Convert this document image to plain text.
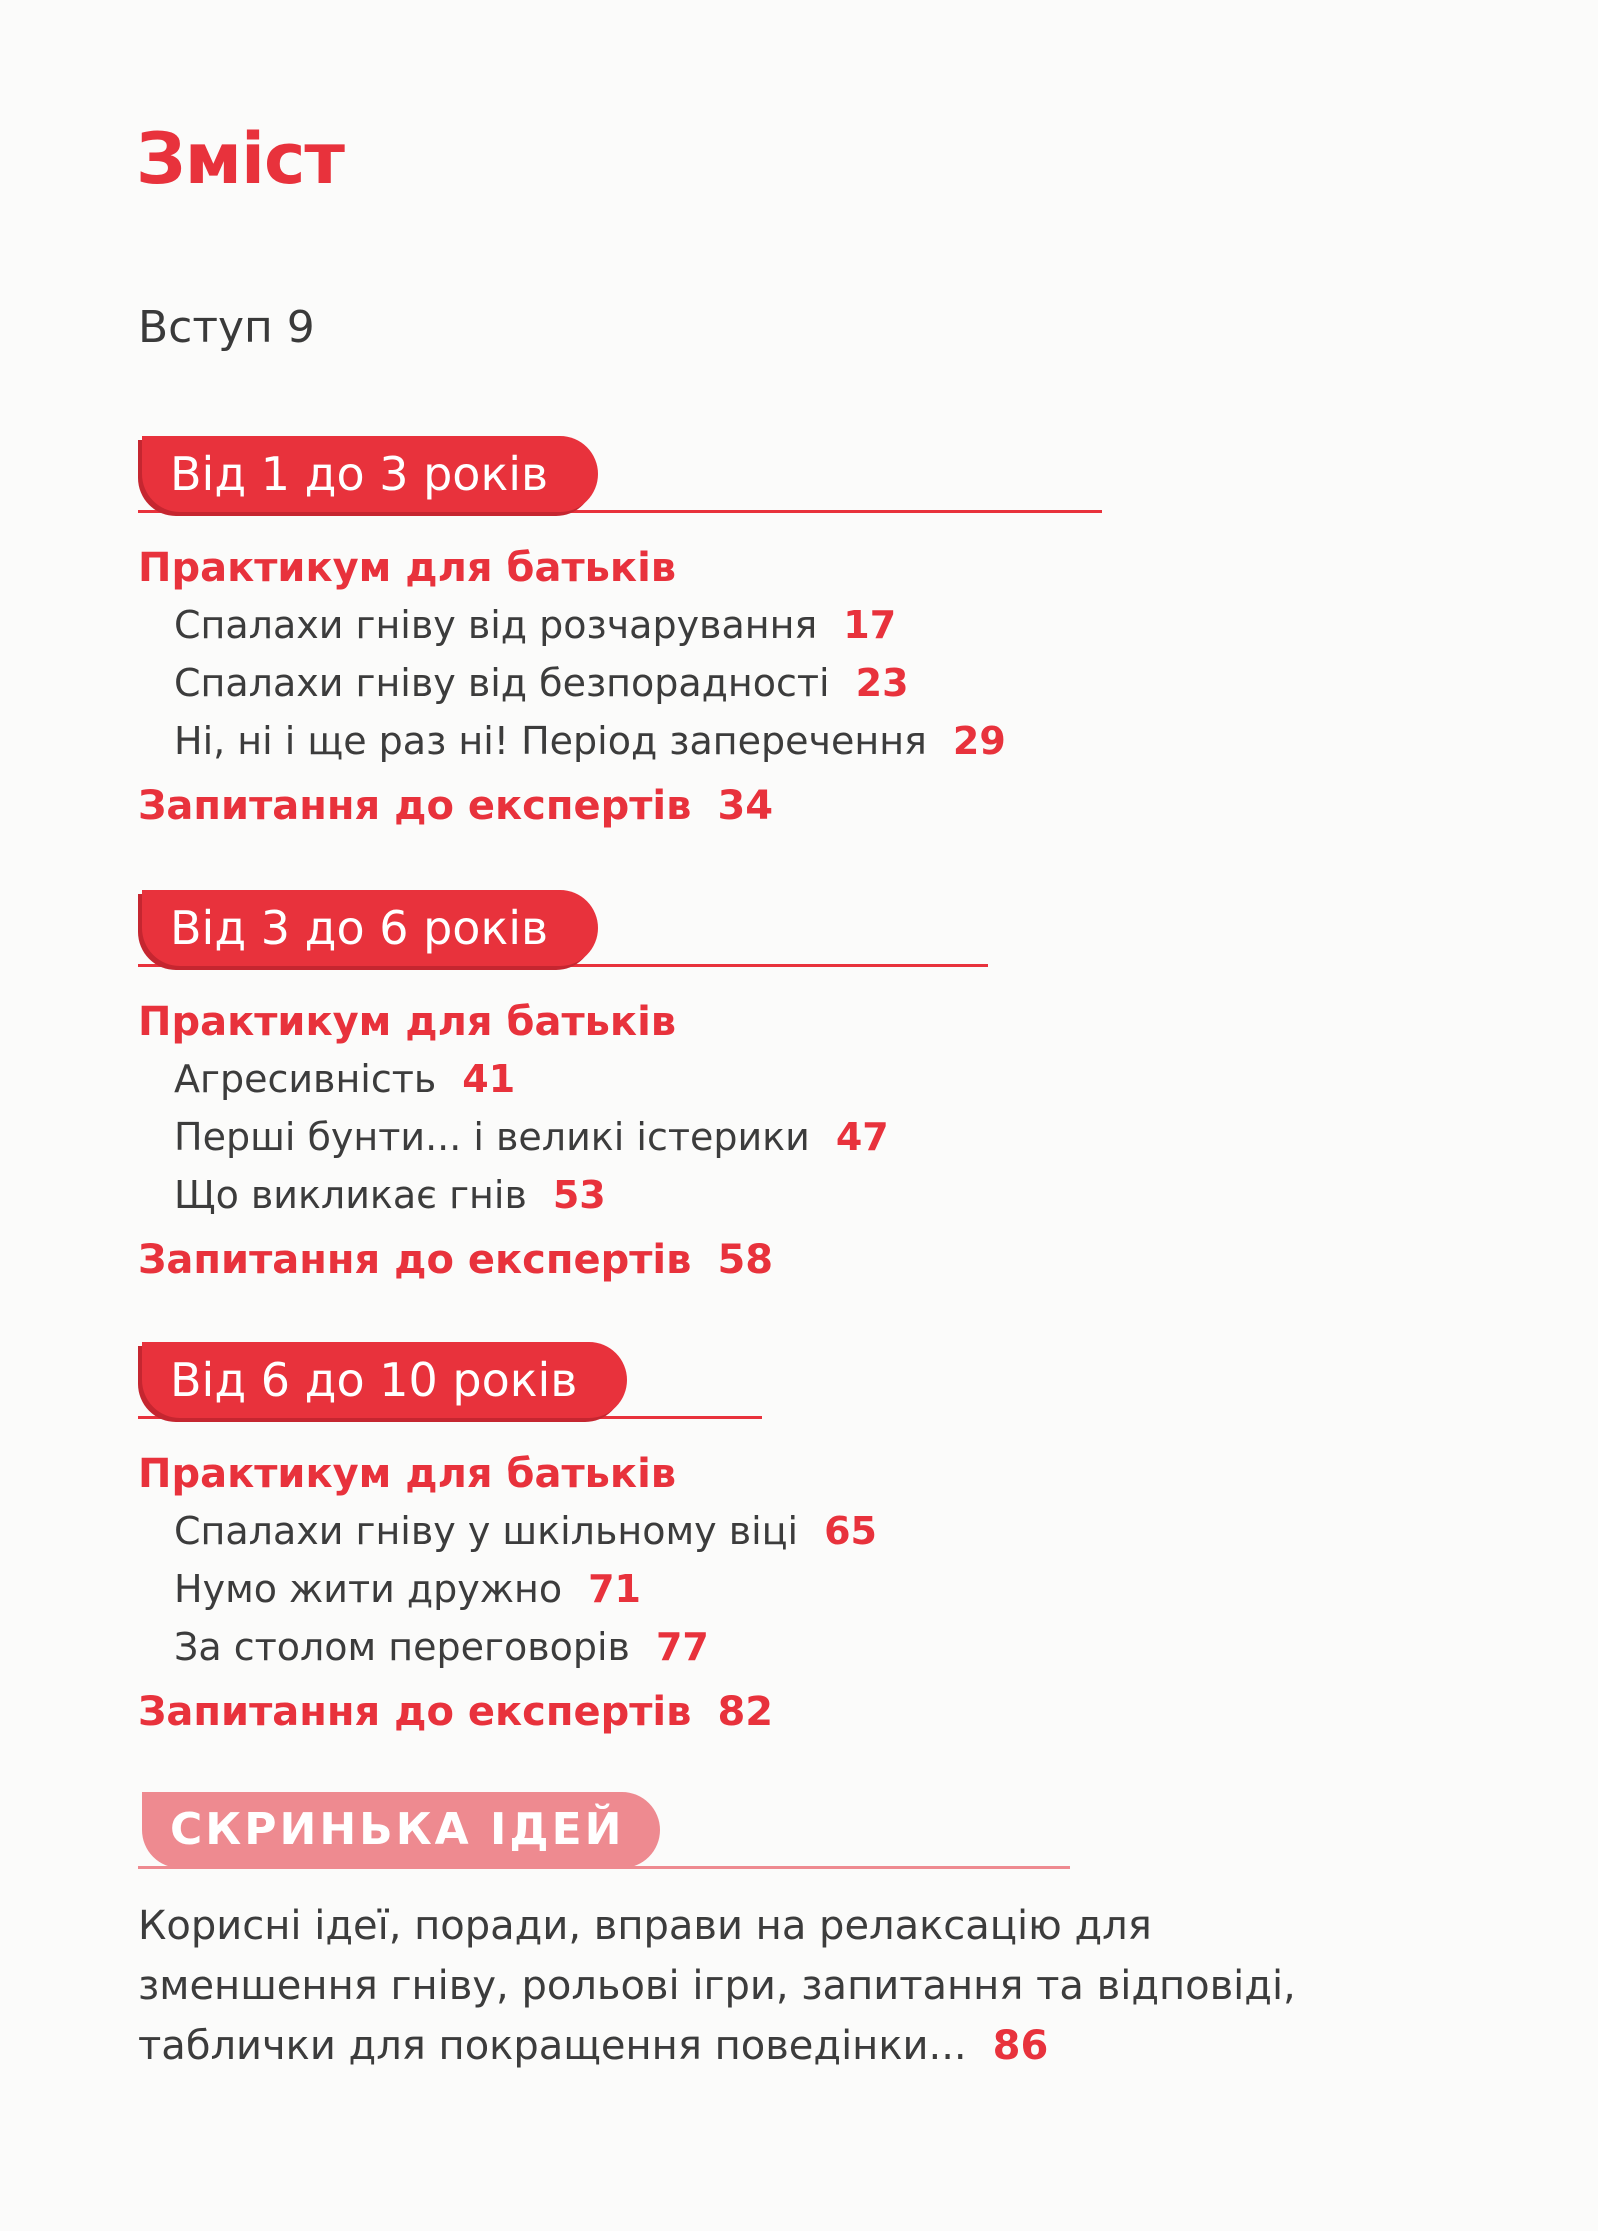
Зміст
Вступ 9
Від 1 до 3 років
Практикум для батьків
Спалахи гніву від розчарування 17
Спалахи гніву від безпорадності 23
Ні, ні і ще раз ні! Період заперечення 29
Запитання до експертів 34
Від 3 до 6 років
Практикум для батьків
Агресивність 41
Перші бунти... і великі істерики 47
Що викликає гнів 53
Запитання до експертів 58
Від 6 до 10 років
Практикум для батьків
Спалахи гніву у шкільному віці 65
Нумо жити дружно 71
За столом переговорів 77
Запитання до експертів 82
СКРИНЬКА ІДЕЙ
Корисні ідеї, поради, вправи на релаксацію для зменшення гніву, рольові ігри, запитання та відповіді, таблички для покращення поведінки... 86
